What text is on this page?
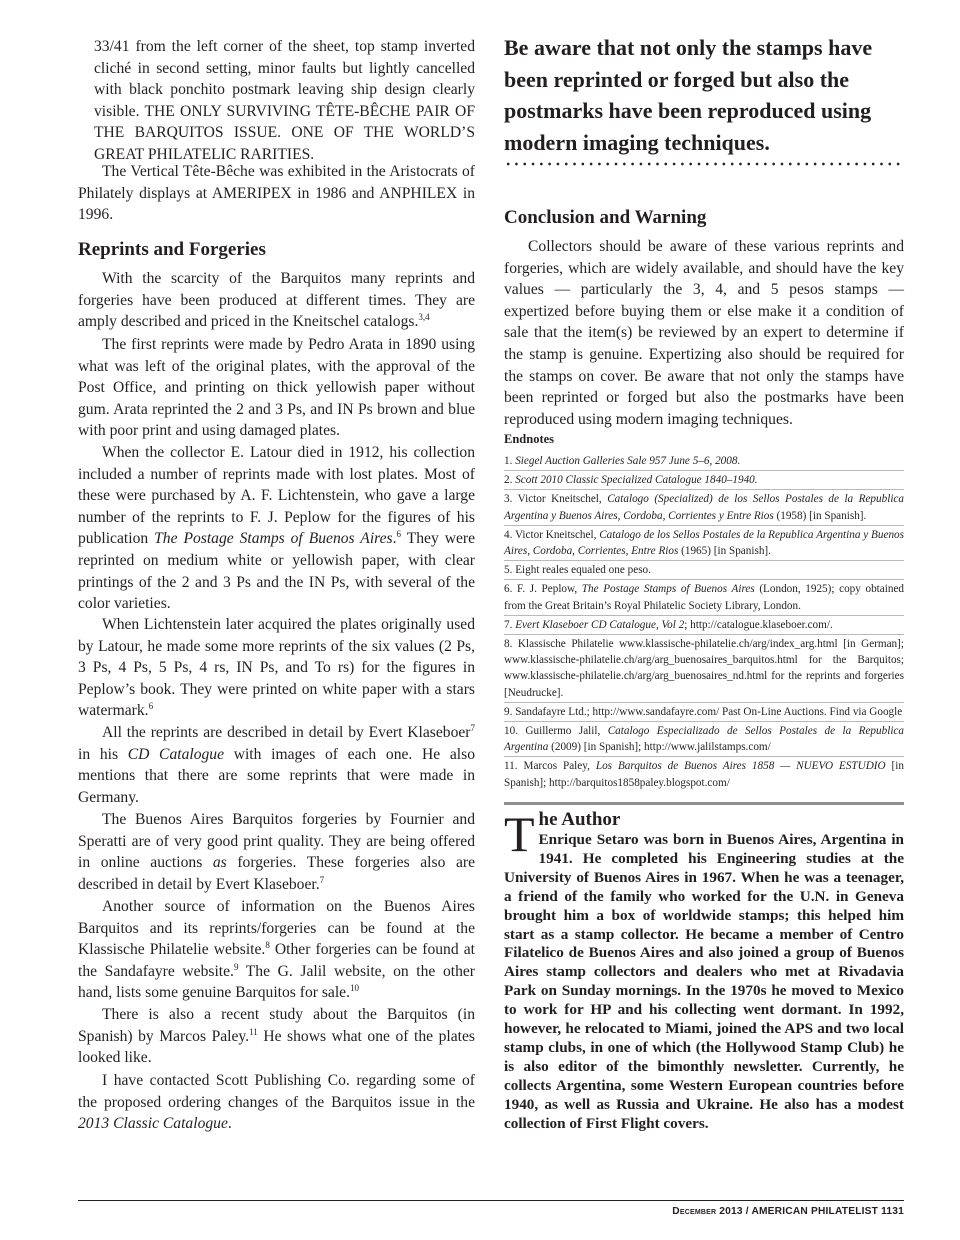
33/41 from the left corner of the sheet, top stamp inverted cliché in second setting, minor faults but lightly cancelled with black ponchito postmark leaving ship design clearly visible. THE ONLY SURVIVING TÊTE-BÊCHE PAIR OF THE BARQUITOS ISSUE. ONE OF THE WORLD’S GREAT PHILATELIC RARITIES.

The Vertical Tête-Bêche was exhibited in the Aristocrats of Philately displays at AMERIPEX in 1986 and ANPHILEX in 1996.

Reprints and Forgeries

With the scarcity of the Barquitos many reprints and forgeries have been produced at different times. They are amply described and priced in the Kneitschel catalogs.$^{3,4}$

The first reprints were made by Pedro Arata in 1890 using what was left of the original plates, with the approval of the Post Office, and printing on thick yellowish paper without gum. Arata reprinted the 2 and 3 Ps, and IN Ps brown and blue with poor print and using damaged plates.

When the collector E. Latour died in 1912, his collection included a number of reprints made with lost plates. Most of these were purchased by A. F. Lichtenstein, who gave a large number of the reprints to F. J. Peplow for the figures of his publication The Postage Stamps of Buenos Aires.$^6$ They were reprinted on medium white or yellowish paper, with clear printings of the 2 and 3 Ps and the IN Ps, with several of the color varieties.

When Lichtenstein later acquired the plates originally used by Latour, he made some more reprints of the six values (2 Ps, 3 Ps, 4 Ps, 5 Ps, 4 rs, IN Ps, and To rs) for the figures in Peplow’s book. They were printed on white paper with a stars watermark.$^6$

All the reprints are described in detail by Evert Klaseboer$^7$ in his CD Catalogue with images of each one. He also mentions that there are some reprints that were made in Germany.

The Buenos Aires Barquitos forgeries by Fournier and Speratti are of very good print quality. They are being offered in online auctions as forgeries. These forgeries also are described in detail by Evert Klaseboer.$^7$

Another source of information on the Buenos Aires Barquitos and its reprints/forgeries can be found at the Klassische Philatelie website.$^8$ Other forgeries can be found at the Sandafayre website.$^9$ The G. Jalil website, on the other hand, lists some genuine Barquitos for sale.$^{10}$

There is also a recent study about the Barquitos (in Spanish) by Marcos Paley.$^{11}$ He shows what one of the plates looked like.

I have contacted Scott Publishing Co. regarding some of the proposed ordering changes of the Barquitos issue in the 2013 Classic Catalogue.

Be aware that not only the stamps have been reprinted or forged but also the postmarks have been reproduced using modern imaging techniques.

Conclusion and Warning

Collectors should be aware of these various reprints and forgeries, which are widely available, and should have the key values — particularly the 3, 4, and 5 pesos stamps — expertized before buying them or else make it a condition of sale that the item(s) be reviewed by an expert to determine if the stamp is genuine. Expertizing also should be required for the stamps on cover. Be aware that not only the stamps have been reprinted or forged but also the postmarks have been reproduced using modern imaging techniques.

Endnotes
1. Siegel Auction Galleries Sale 957 June 5–6, 2008.
2. Scott 2010 Classic Specialized Catalogue 1840–1940.
3. Victor Kneitschel, Catalogo (Specialized) de los Sellos Postales de la Republica Argentina y Buenos Aires, Cordoba, Corrientes y Entre Rios (1958) [in Spanish].
4. Victor Kneitschel, Catalogo de los Sellos Postales de la Republica Argentina y Buenos Aires, Cordoba, Corrientes, Entre Rios (1965) [in Spanish].
5. Eight reales equaled one peso.
6. F. J. Peplow, The Postage Stamps of Buenos Aires (London, 1925); copy obtained from the Great Britain’s Royal Philatelic Society Library, London.
7. Evert Klaseboer CD Catalogue, Vol 2; http://catalogue.klaseboer.com/.
8. Klassische Philatelie www.klassische-philatelie.ch/arg/index_arg.html [in German]; www.klassische-philatelie.ch/arg/arg_buenosaires_barquitos.html for the Barquitos; www.klassische-philatelie.ch/arg/arg_buenosaires_nd.html for the reprints and forgeries [Neudrucke].
9. Sandafayre Ltd.; http://www.sandafayre.com/ Past On-Line Auctions. Find via Google
10. Guillermo Jalil, Catalogo Especializado de Sellos Postales de la Republica Argentina (2009) [in Spanish]; http://www.jalilstamps.com/
11. Marcos Paley, Los Barquitos de Buenos Aires 1858 — NUEVO ESTUDIO [in Spanish]; http://barquitos1858paley.blogspot.com/
T he Author

Enrique Setaro was born in Buenos Aires, Argentina in 1941. He completed his Engineering studies at the University of Buenos Aires in 1967. When he was a teenager, a friend of the family who worked for the U.N. in Geneva brought him a box of worldwide stamps; this helped him start as a stamp collector. He became a member of Centro Filatelico de Buenos Aires and also joined a group of Buenos Aires stamp collectors and dealers who met at Rivadavia Park on Sunday mornings. In the 1970s he moved to Mexico to work for HP and his collecting went dormant. In 1992, however, he relocated to Miami, joined the APS and two local stamp clubs, in one of which (the Hollywood Stamp Club) he is also editor of the bimonthly newsletter. Currently, he collects Argentina, some Western European countries before 1940, as well as Russia and Ukraine. He also has a modest collection of First Flight covers.

December 2013 / AMERICAN PHILATELIST 1131
